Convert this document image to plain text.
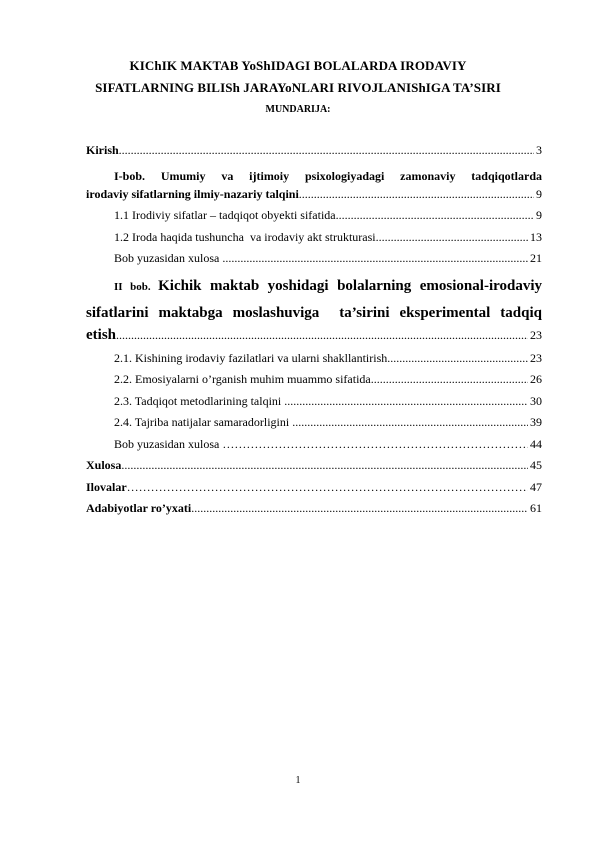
KIChIK MAKTAB YoShIDAGI BOLALARDA IRODAVIY
SIFATLARNING BILISh JARAYoNLARI RIVOJLANIShIGA TA’SIRI
MUNDARIJA:
Kirish .....	3
I-bob. Umumiy va ijtimoiy psixologiyadagi zamonaviy tadqiqotlarda
irodaviy sifatlarning ilmiy-nazariy talqini .....	9
1.1 Irodiviy sifatlar – tadqiqot obyekti sifatida .....	9
1.2 Iroda haqida tushuncha  va irodaviy akt strukturasi .....	13
Bob yuzasidan xulosa .....	21
II bob. Kichik maktab yoshidagi bolalarning emosional-irodaviy
sifatlarini maktabga moslashuviga  ta’sirini eksperimental tadqiq
etish .....	23
2.1. Kishining irodaviy fazilatlari va ularni shakllantirish .....	23
2.2. Emosiyalarni o’rganish muhim muammo sifatida .....	26
2.3. Tadqiqot metodlarining talqini .....	30
2.4. Tajriba natijalar samaradorligini .....	39
Bob yuzasidan xulosa …………………………………………………………………………………………………………………	44
Xulosa .....	45
Ilovalar …………………………………………………………………………………………………………………	47
Adabiyotlar ro’yxati .....	61
1
